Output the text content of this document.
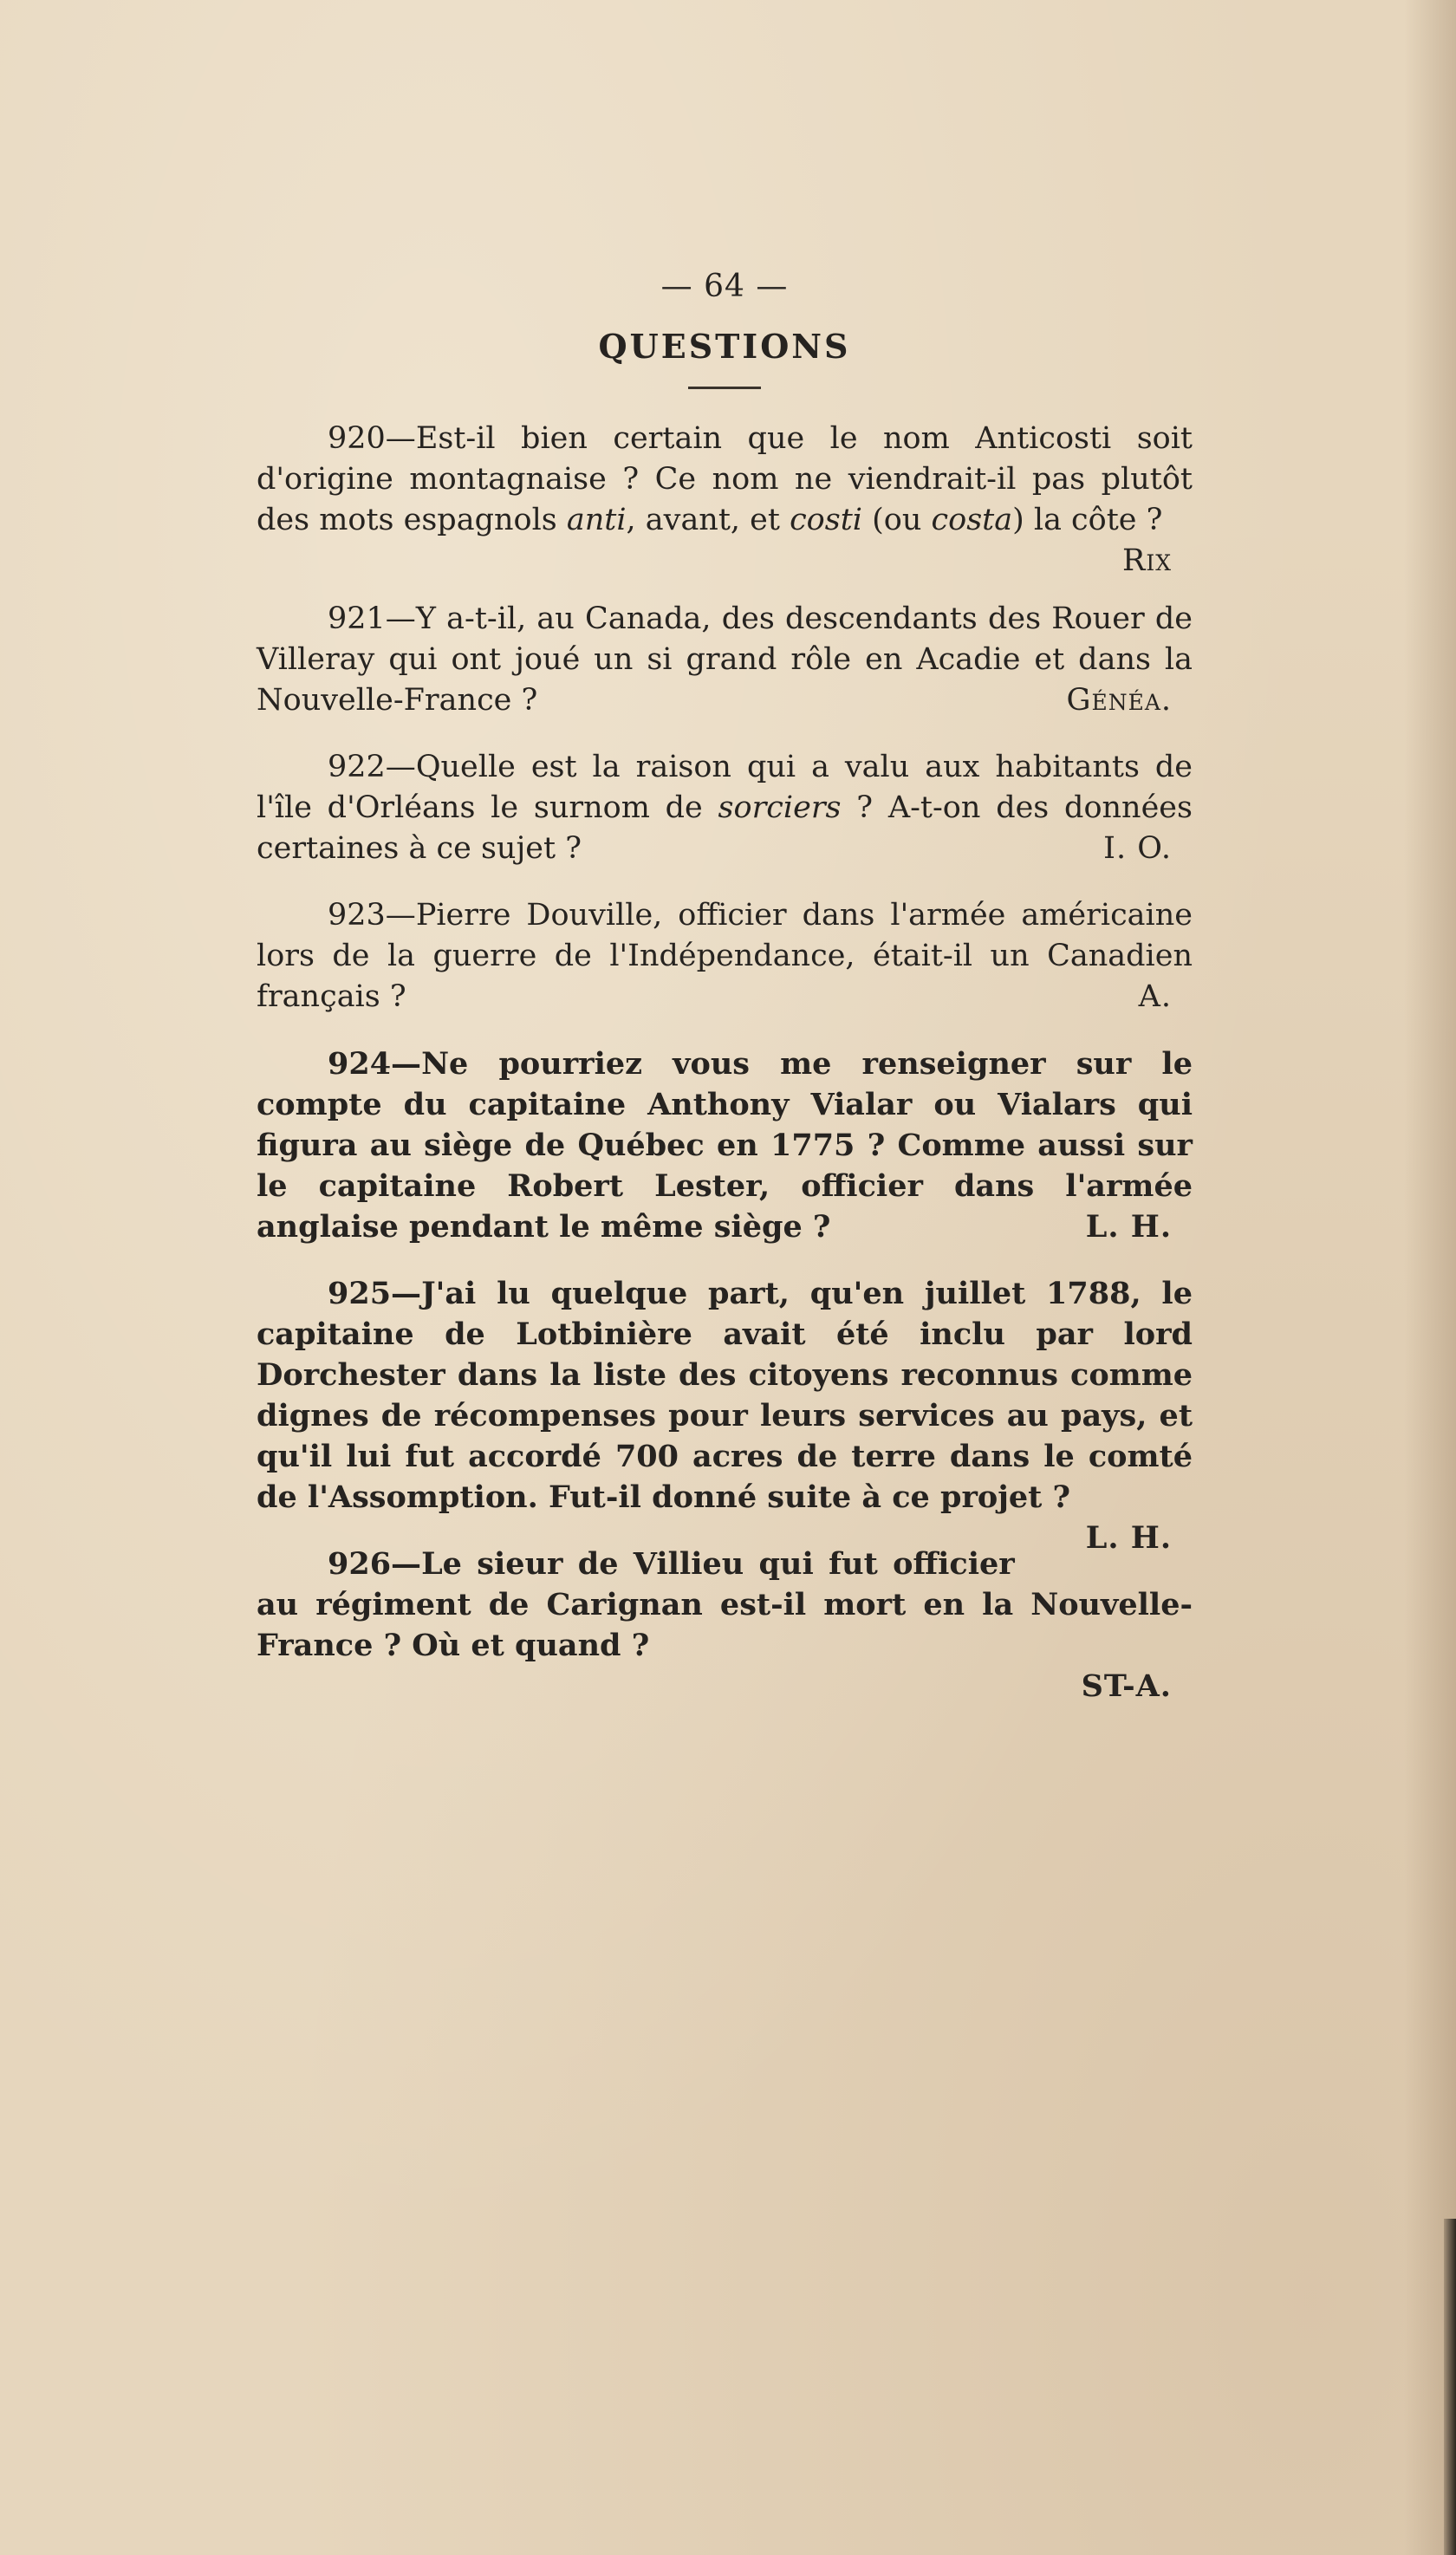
— 64 —
QUESTIONS

920—Est-il bien certain que le nom Anticosti soit d'origine montagnaise ? Ce nom ne viendrait-il pas plutôt des mots espagnols anti, avant, et costi (ou costa) la côte ?
Rix

921—Y a-t-il, au Canada, des descendants des Rouer de Villeray qui ont joué un si grand rôle en Acadie et dans la Nouvelle-France ?	Généa.

922—Quelle est la raison qui a valu aux habitants de l'île d'Orléans le surnom de sorciers ? A-t-on des données certaines à ce sujet ?	I. O.

923—Pierre Douville, officier dans l'armée américaine lors de la guerre de l'Indépendance, était-il un Canadien français ?	A.

924—Ne pourriez vous me renseigner sur le compte du capitaine Anthony Vialar ou Vialars qui figura au siège de Québec en 1775 ? Comme aussi sur le capitaine Robert Lester, officier dans l'armée anglaise pendant le même siège ?	L. H.

925—J'ai lu quelque part, qu'en juillet 1788, le capitaine de Lotbinière avait été inclu par lord Dorchester dans la liste des citoyens reconnus comme dignes de récompenses pour leurs services au pays, et qu'il lui fut accordé 700 acres de terre dans le comté de l'Assomption. Fut-il donné suite à ce projet ?
L. H.

926—Le sieur de Villieu qui fut officier au régiment de Carignan est-il mort en la Nouvelle-France ? Où et quand ?
ST-A.
